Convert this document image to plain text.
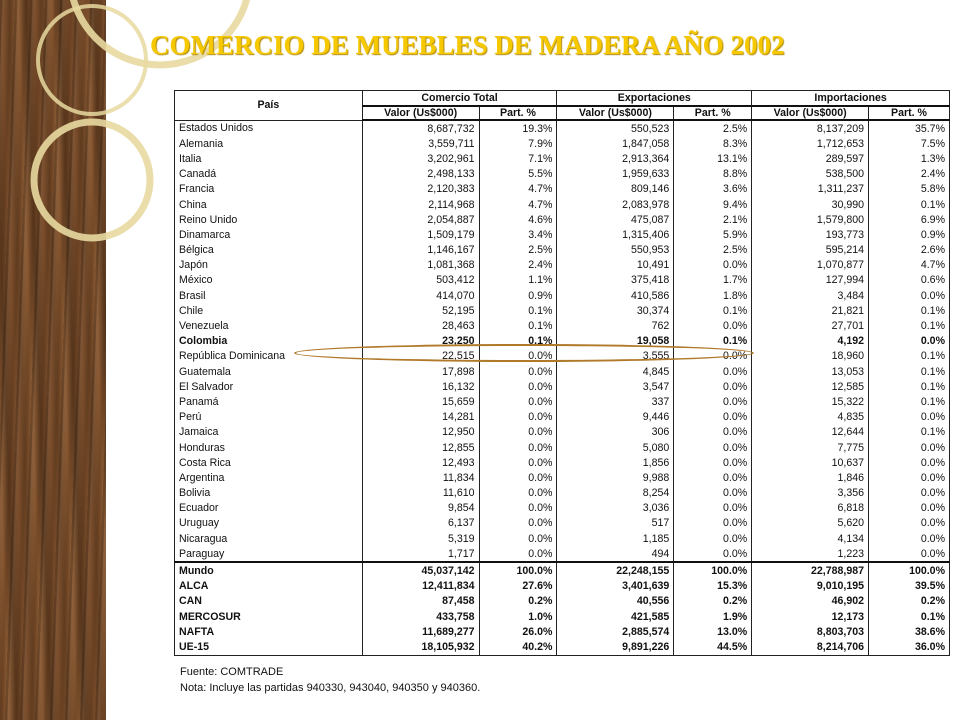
COMERCIO DE MUEBLES DE MADERA AÑO 2002
País	Comercio Total		Exportaciones		Importaciones	
	Valor (Us$000)	Part. %	Valor (Us$000)	Part. %	Valor (Us$000)	Part. %
Estados Unidos	8,687,732	19.3%	550,523	2.5%	8,137,209	35.7%
Alemania	3,559,711	7.9%	1,847,058	8.3%	1,712,653	7.5%
Italia	3,202,961	7.1%	2,913,364	13.1%	289,597	1.3%
Canadá	2,498,133	5.5%	1,959,633	8.8%	538,500	2.4%
Francia	2,120,383	4.7%	809,146	3.6%	1,311,237	5.8%
China	2,114,968	4.7%	2,083,978	9.4%	30,990	0.1%
Reino Unido	2,054,887	4.6%	475,087	2.1%	1,579,800	6.9%
Dinamarca	1,509,179	3.4%	1,315,406	5.9%	193,773	0.9%
Bélgica	1,146,167	2.5%	550,953	2.5%	595,214	2.6%
Japón	1,081,368	2.4%	10,491	0.0%	1,070,877	4.7%
México	503,412	1.1%	375,418	1.7%	127,994	0.6%
Brasil	414,070	0.9%	410,586	1.8%	3,484	0.0%
Chile	52,195	0.1%	30,374	0.1%	21,821	0.1%
Venezuela	28,463	0.1%	762	0.0%	27,701	0.1%
Colombia	23,250	0.1%	19,058	0.1%	4,192	0.0%
República Dominicana	22,515	0.0%	3,555	0.0%	18,960	0.1%
Guatemala	17,898	0.0%	4,845	0.0%	13,053	0.1%
El Salvador	16,132	0.0%	3,547	0.0%	12,585	0.1%
Panamá	15,659	0.0%	337	0.0%	15,322	0.1%
Perú	14,281	0.0%	9,446	0.0%	4,835	0.0%
Jamaica	12,950	0.0%	306	0.0%	12,644	0.1%
Honduras	12,855	0.0%	5,080	0.0%	7,775	0.0%
Costa Rica	12,493	0.0%	1,856	0.0%	10,637	0.0%
Argentina	11,834	0.0%	9,988	0.0%	1,846	0.0%
Bolivia	11,610	0.0%	8,254	0.0%	3,356	0.0%
Ecuador	9,854	0.0%	3,036	0.0%	6,818	0.0%
Uruguay	6,137	0.0%	517	0.0%	5,620	0.0%
Nicaragua	5,319	0.0%	1,185	0.0%	4,134	0.0%
Paraguay	1,717	0.0%	494	0.0%	1,223	0.0%
Mundo	45,037,142	100.0%	22,248,155	100.0%	22,788,987	100.0%
ALCA	12,411,834	27.6%	3,401,639	15.3%	9,010,195	39.5%
CAN	87,458	0.2%	40,556	0.2%	46,902	0.2%
MERCOSUR	433,758	1.0%	421,585	1.9%	12,173	0.1%
NAFTA	11,689,277	26.0%	2,885,574	13.0%	8,803,703	38.6%
UE-15	18,105,932	40.2%	9,891,226	44.5%	8,214,706	36.0%

Fuente: COMTRADE

Nota: Incluye las partidas 940330, 943040, 940350 y 940360.
